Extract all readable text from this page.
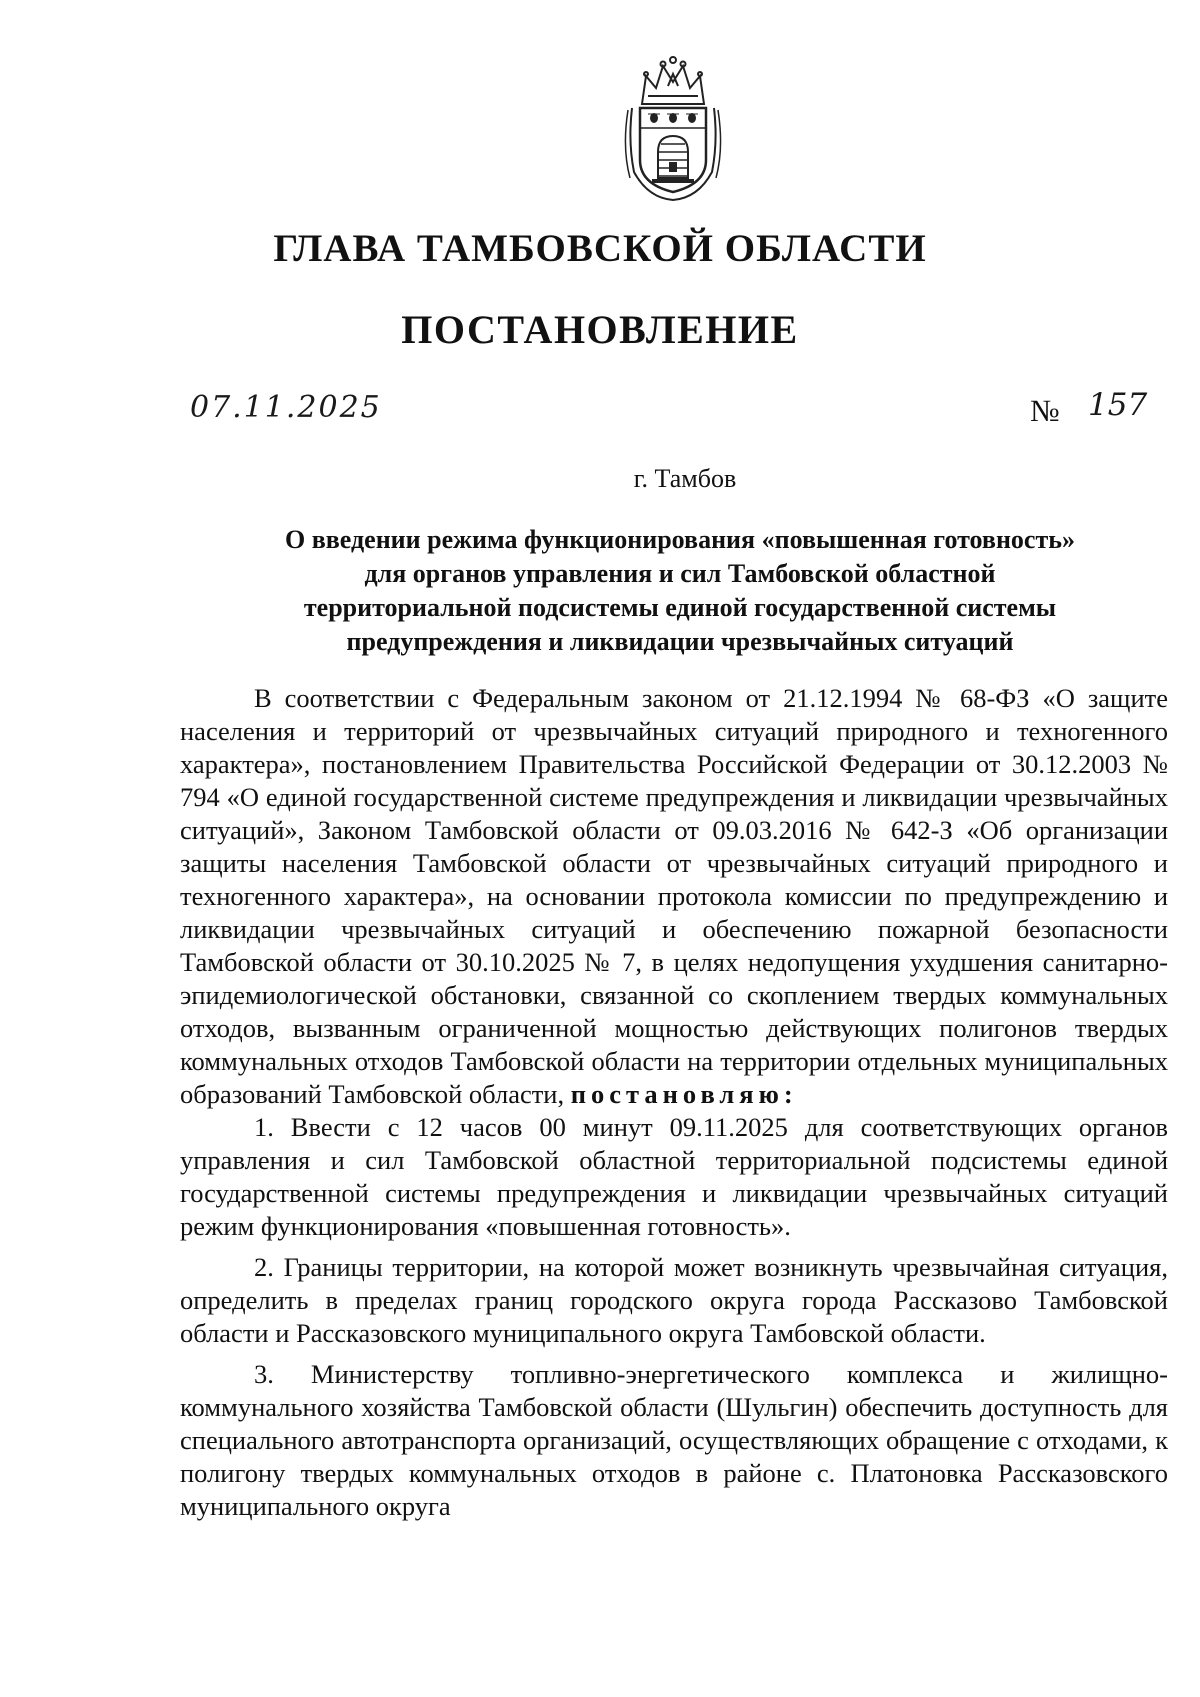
ГЛАВА ТАМБОВСКОЙ ОБЛАСТИ
ПОСТАНОВЛЕНИЕ
07.11.2025	№ 157
г. Тамбов
О введении режима функционирования «повышенная готовность»
для органов управления и сил Тамбовской областной
территориальной подсистемы единой государственной системы
предупреждения и ликвидации чрезвычайных ситуаций

В соответствии с Федеральным законом от 21.12.1994 № 68-ФЗ «О защите населения и территорий от чрезвычайных ситуаций природного и техногенного характера», постановлением Правительства Российской Федерации от 30.12.2003 № 794 «О единой государственной системе предупреждения и ликвидации чрезвычайных ситуаций», Законом Тамбовской области от 09.03.2016 № 642-З «Об организации защиты населения Тамбовской области от чрезвычайных ситуаций природного и техногенного характера», на основании протокола комиссии по предупреждению и ликвидации чрезвычайных ситуаций и обеспечению пожарной безопасности Тамбовской области от 30.10.2025 № 7, в целях недопущения ухудшения санитарно-эпидемиологической обстановки, связанной со скоплением твердых коммунальных отходов, вызванным ограниченной мощностью действующих полигонов твердых коммунальных отходов Тамбовской области на территории отдельных муниципальных образований Тамбовской области, постановляю:

1. Ввести с 12 часов 00 минут 09.11.2025 для соответствующих органов управления и сил Тамбовской областной территориальной подсистемы единой государственной системы предупреждения и ликвидации чрезвычайных ситуаций режим функционирования «повышенная готовность».

2. Границы территории, на которой может возникнуть чрезвычайная ситуация, определить в пределах границ городского округа города Рассказово Тамбовской области и Рассказовского муниципального округа Тамбовской области.

3. Министерству топливно-энергетического комплекса и жилищно-коммунального хозяйства Тамбовской области (Шульгин) обеспечить доступность для специального автотранспорта организаций, осуществляющих обращение с отходами, к полигону твердых коммунальных отходов в районе с. Платоновка Рассказовского муниципального округа
